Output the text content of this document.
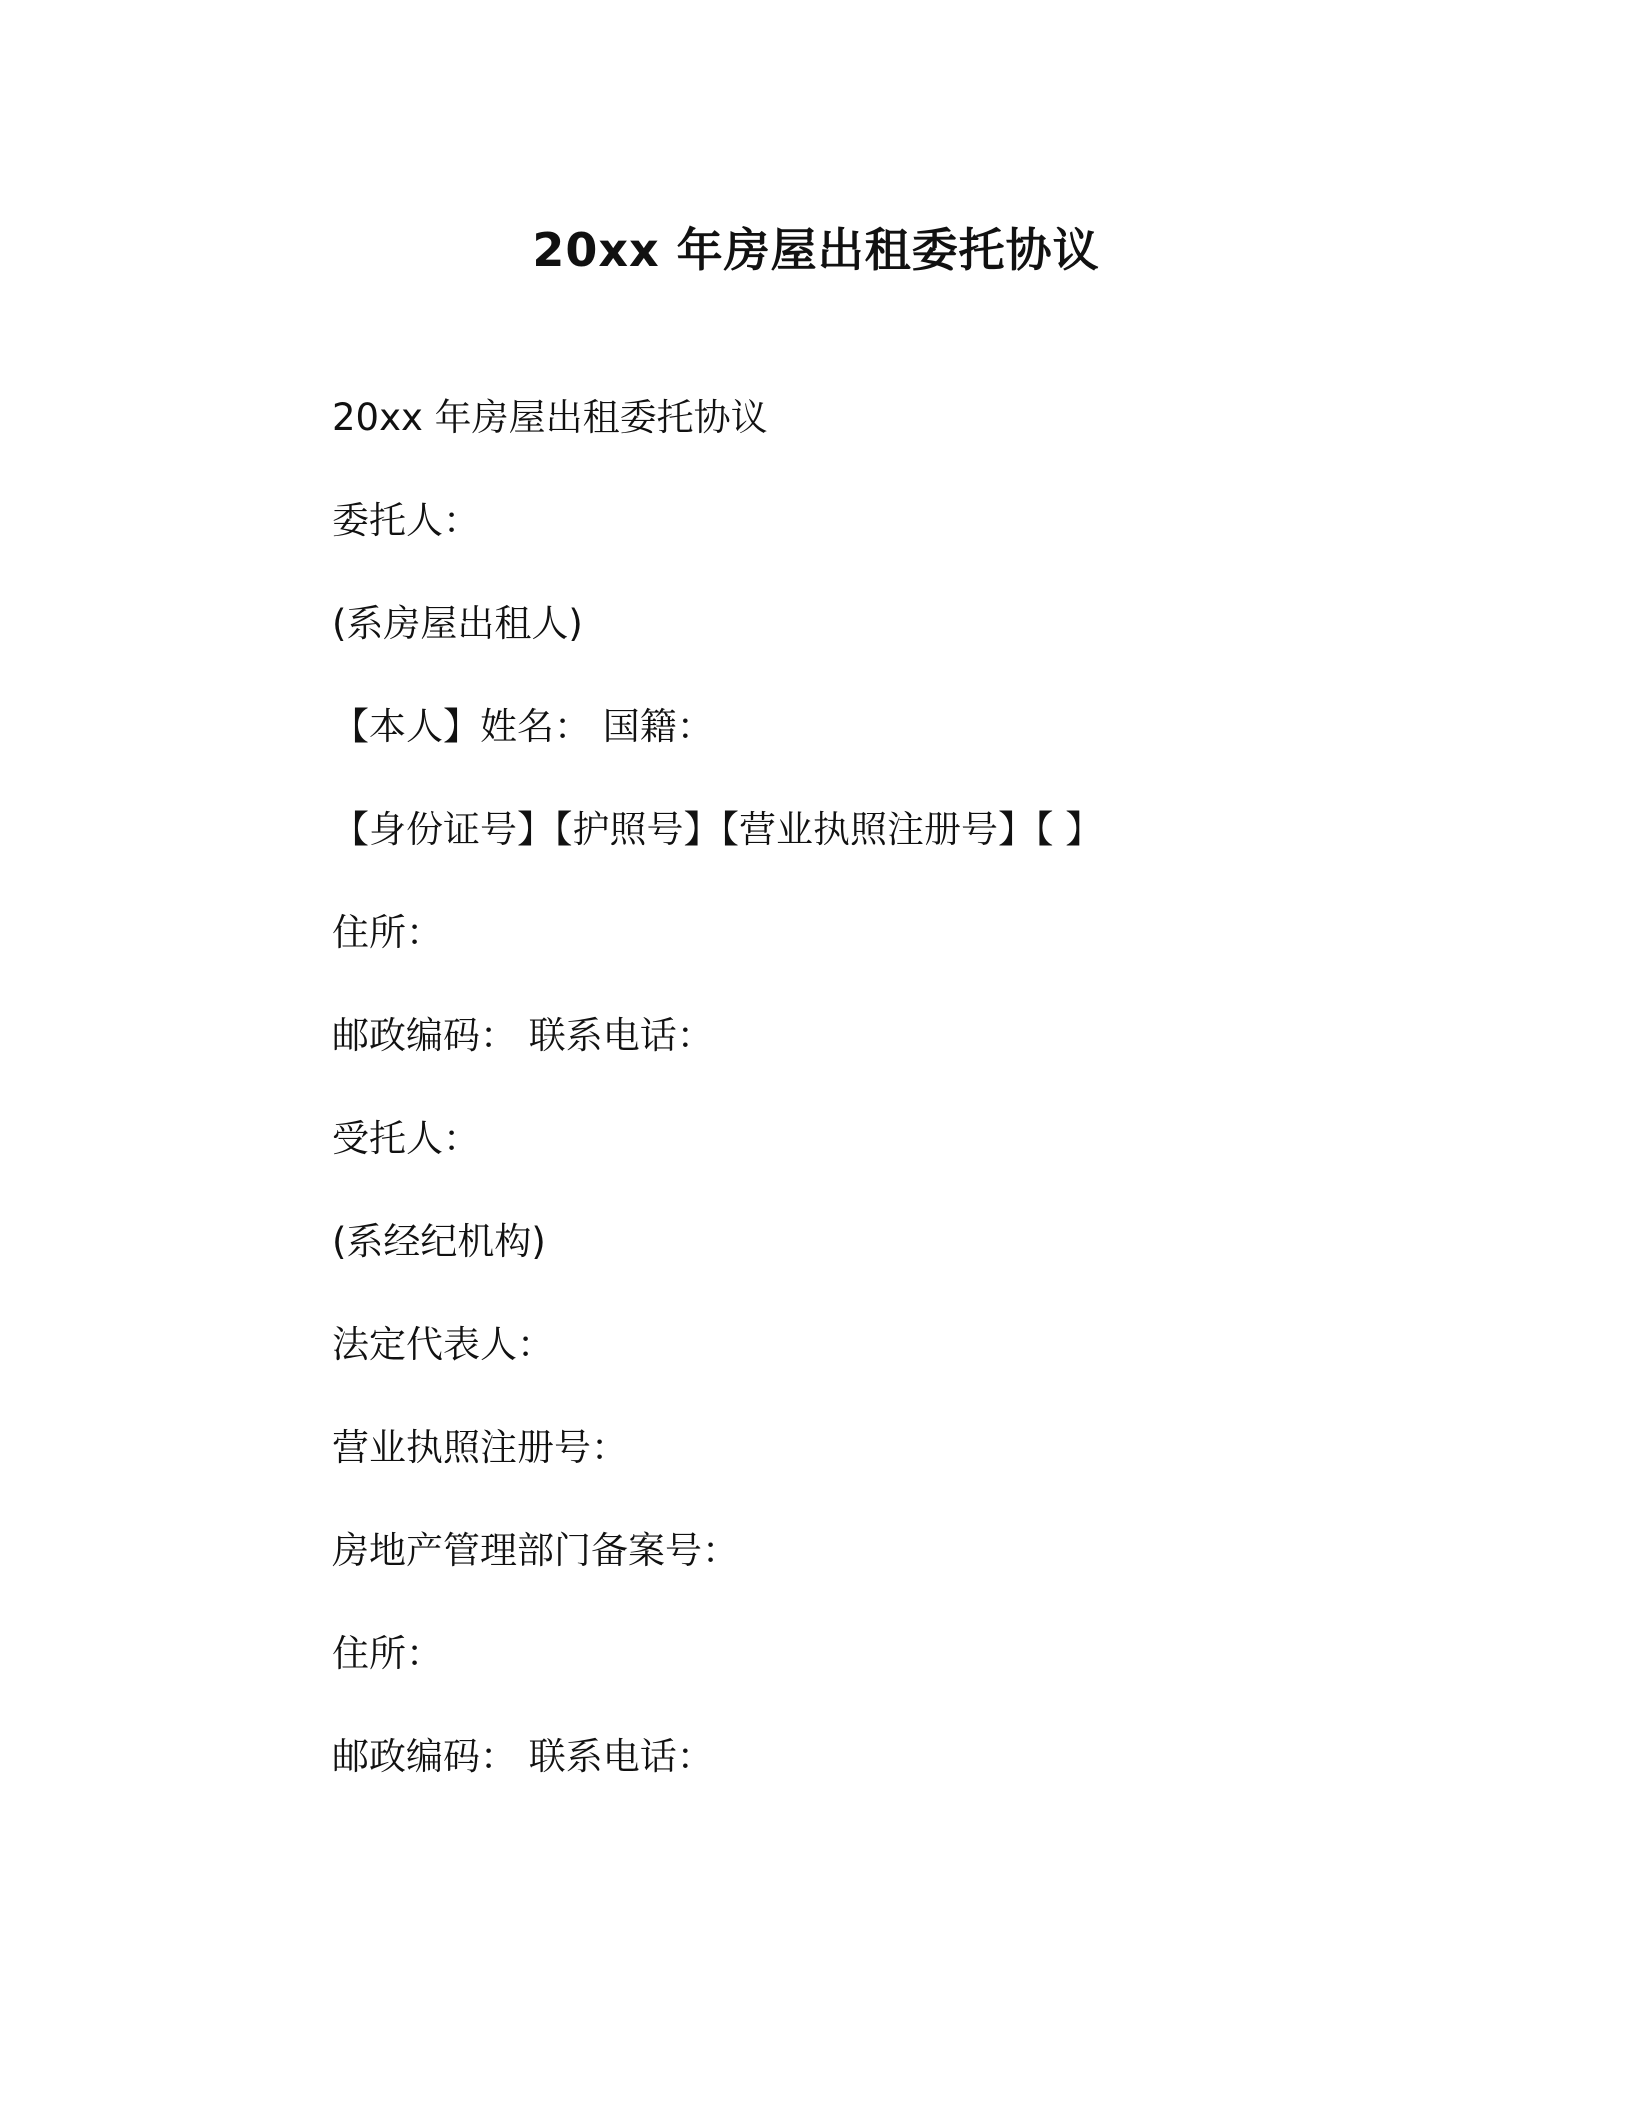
20xx 年房屋出租委托协议
20xx 年房屋出租委托协议
委托人：
(系房屋出租人)
【本人】姓名： 国籍：
【身份证号】【护照号】【营业执照注册号】【 】
住所：
邮政编码： 联系电话：
受托人：
(系经纪机构)
法定代表人：
营业执照注册号：
房地产管理部门备案号：
住所：
邮政编码： 联系电话：
